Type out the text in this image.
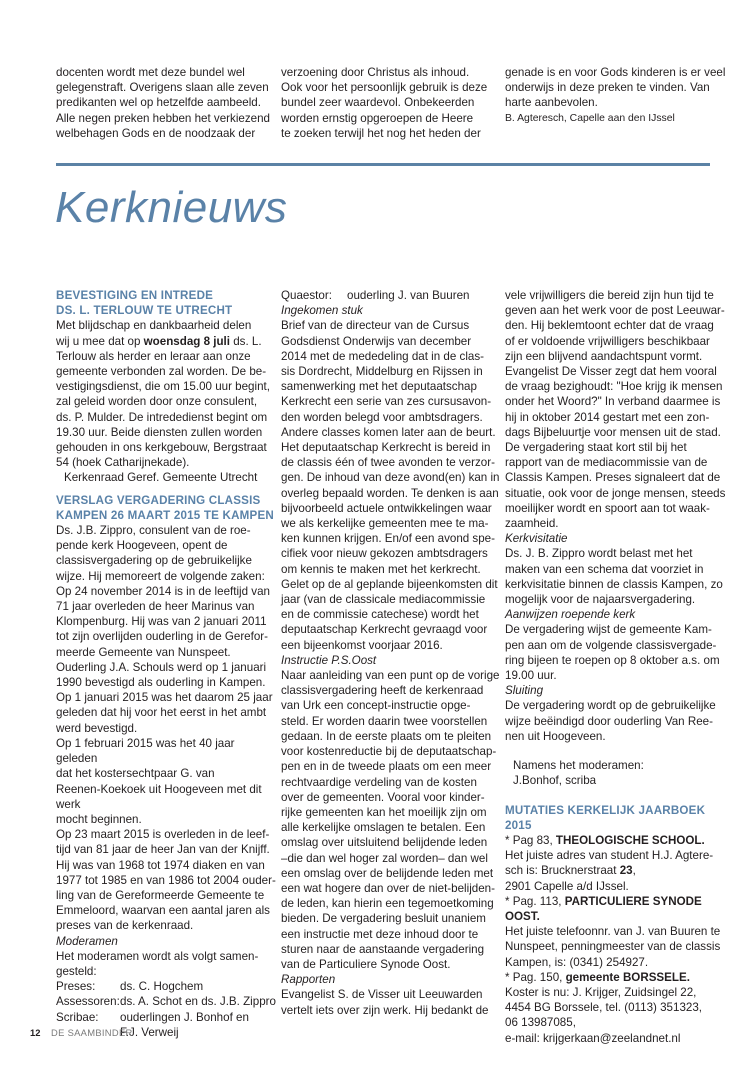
docenten wordt met deze bundel wel

gelegenstraft. Overigens slaan alle zeven

predikanten wel op hetzelfde aambeeld.

Alle negen preken hebben het verkiezend

welbehagen Gods en de noodzaak der

verzoening door Christus als inhoud.

Ook voor het persoonlijk gebruik is deze

bundel zeer waardevol. Onbekeerden

worden ernstig opgeroepen de Heere

te zoeken terwijl het nog het heden der

genade is en voor Gods kinderen is er veel

onderwijs in deze preken te vinden. Van

harte aanbevolen.

B. Agteresch, Capelle aan den IJssel

Kerknieuws

BEVESTIGING EN INTREDE

DS. L. TERLOUW TE UTRECHT

Met blijdschap en dankbaarheid delen

wij u mee dat op woensdag 8 juli ds. L.

Terlouw als herder en leraar aan onze

gemeente verbonden zal worden. De be-

vestigingsdienst, die om 15.00 uur begint,

zal geleid worden door onze consulent,

ds. P. Mulder. De intrededienst begint om

19.30 uur. Beide diensten zullen worden

gehouden in ons kerkgebouw, Bergstraat

54 (hoek Catharijnekade).

Kerkenraad Geref. Gemeente Utrecht

VERSLAG VERGADERING CLASSIS

KAMPEN 26 MAART 2015 TE KAMPEN

Ds. J.B. Zippro, consulent van de roe-

pende kerk Hoogeveen, opent de

classisvergadering op de gebruikelijke

wijze. Hij memoreert de volgende zaken:

Op 24 november 2014 is in de leeftijd van

71 jaar overleden de heer Marinus van

Klompenburg. Hij was van 2 januari 2011

tot zijn overlijden ouderling in de Gerefor-

meerde Gemeente van Nunspeet.

Ouderling J.A. Schouls werd op 1 januari

1990 bevestigd als ouderling in Kampen.

Op 1 januari 2015 was het daarom 25 jaar

geleden dat hij voor het eerst in het ambt

werd bevestigd.

Op 1 februari 2015 was het 40 jaar geleden

dat het kostersechtpaar G. van

Reenen-Koekoek uit Hoogeveen met dit werk

mocht beginnen.

Op 23 maart 2015 is overleden in de leef-

tijd van 81 jaar de heer Jan van der Knijff.

Hij was van 1968 tot 1974 diaken en van

1977 tot 1985 en van 1986 tot 2004 ouder-

ling van de Gereformeerde Gemeente te

Emmeloord, waarvan een aantal jaren als

preses van de kerkenraad.

Moderamen

Het moderamen wordt als volgt samen-

gesteld:

Preses:	ds. C. Hogchem
Assessoren: ds. A. Schot en ds. J.B. Zippro
Scribae:	ouderlingen J. Bonhof en
F.J. Verweij
Quaestor:	ouderling J. van Buuren

Ingekomen stuk

Brief van de directeur van de Cursus

Godsdienst Onderwijs van december

2014 met de mededeling dat in de clas-

sis Dordrecht, Middelburg en Rijssen in

samenwerking met het deputaatschap

Kerkrecht een serie van zes cursusavon-

den worden belegd voor ambtsdragers.

Andere classes komen later aan de beurt.

Het deputaatschap Kerkrecht is bereid in

de classis één of twee avonden te verzor-

gen. De inhoud van deze avond(en) kan in

overleg bepaald worden. Te denken is aan

bijvoorbeeld actuele ontwikkelingen waar

we als kerkelijke gemeenten mee te ma-

ken kunnen krijgen. En/of een avond spe-

cifiek voor nieuw gekozen ambtsdragers

om kennis te maken met het kerkrecht.

Gelet op de al geplande bijeenkomsten dit

jaar (van de classicale mediacommissie

en de commissie catechese) wordt het

deputaatschap Kerkrecht gevraagd voor

een bijeenkomst voorjaar 2016.

Instructie P.S.Oost

Naar aanleiding van een punt op de vorige

classisvergadering heeft de kerkenraad

van Urk een concept-instructie opge-

steld. Er worden daarin twee voorstellen

gedaan. In de eerste plaats om te pleiten

voor kostenreductie bij de deputaatschap-

pen en in de tweede plaats om een meer

rechtvaardige verdeling van de kosten

over de gemeenten. Vooral voor kinder-

rijke gemeenten kan het moeilijk zijn om

alle kerkelijke omslagen te betalen. Een

omslag over uitsluitend belijdende leden

–die dan wel hoger zal worden– dan wel

een omslag over de belijdende leden met

een wat hogere dan over de niet-belijden-

de leden, kan hierin een tegemoetkoming

bieden. De vergadering besluit unaniem

een instructie met deze inhoud door te

sturen naar de aanstaande vergadering

van de Particuliere Synode Oost.

Rapporten

Evangelist S. de Visser uit Leeuwarden

vertelt iets over zijn werk. Hij bedankt de

vele vrijwilligers die bereid zijn hun tijd te

geven aan het werk voor de post Leeuwar-

den. Hij beklemtoont echter dat de vraag

of er voldoende vrijwilligers beschikbaar

zijn een blijvend aandachtspunt vormt.

Evangelist De Visser zegt dat hem vooral

de vraag bezighoudt: "Hoe krijg ik mensen

onder het Woord?" In verband daarmee is

hij in oktober 2014 gestart met een zon-

dags Bijbeluurtje voor mensen uit de stad.

De vergadering staat kort stil bij het

rapport van de mediacommissie van de

Classis Kampen. Preses signaleert dat de

situatie, ook voor de jonge mensen, steeds

moeilijker wordt en spoort aan tot waak-

zaamheid.

Kerkvisitatie

Ds. J. B. Zippro wordt belast met het

maken van een schema dat voorziet in

kerkvisitatie binnen de classis Kampen, zo

mogelijk voor de najaarsvergadering.

Aanwijzen roepende kerk

De vergadering wijst de gemeente Kam-

pen aan om de volgende classisvergade-

ring bijeen te roepen op 8 oktober a.s. om

19.00 uur.

Sluiting

De vergadering wordt op de gebruikelijke

wijze beëindigd door ouderling Van Ree-

nen uit Hoogeveen.

Namens het moderamen:

J.Bonhof, scriba

MUTATIES KERKELIJK JAARBOEK 2015

* Pag 83, THEOLOGISCHE SCHOOL.

Het juiste adres van student H.J. Agtere-

sch is: Brucknerstraat 23,

2901 Capelle a/d IJssel.

* Pag. 113, PARTICULIERE SYNODE OOST.

Het juiste telefoonnr. van J. van Buuren te

Nunspeet, penningmeester van de classis

Kampen, is: (0341) 254927.

* Pag. 150, gemeente BORSSELE.

Koster is nu: J. Krijger, Zuidsingel 22,

4454 BG Borssele, tel. (0113) 351323,

06 13987085,

e-mail: krijgerkaan@zeelandnet.nl

12 DE SAAMBINDER
